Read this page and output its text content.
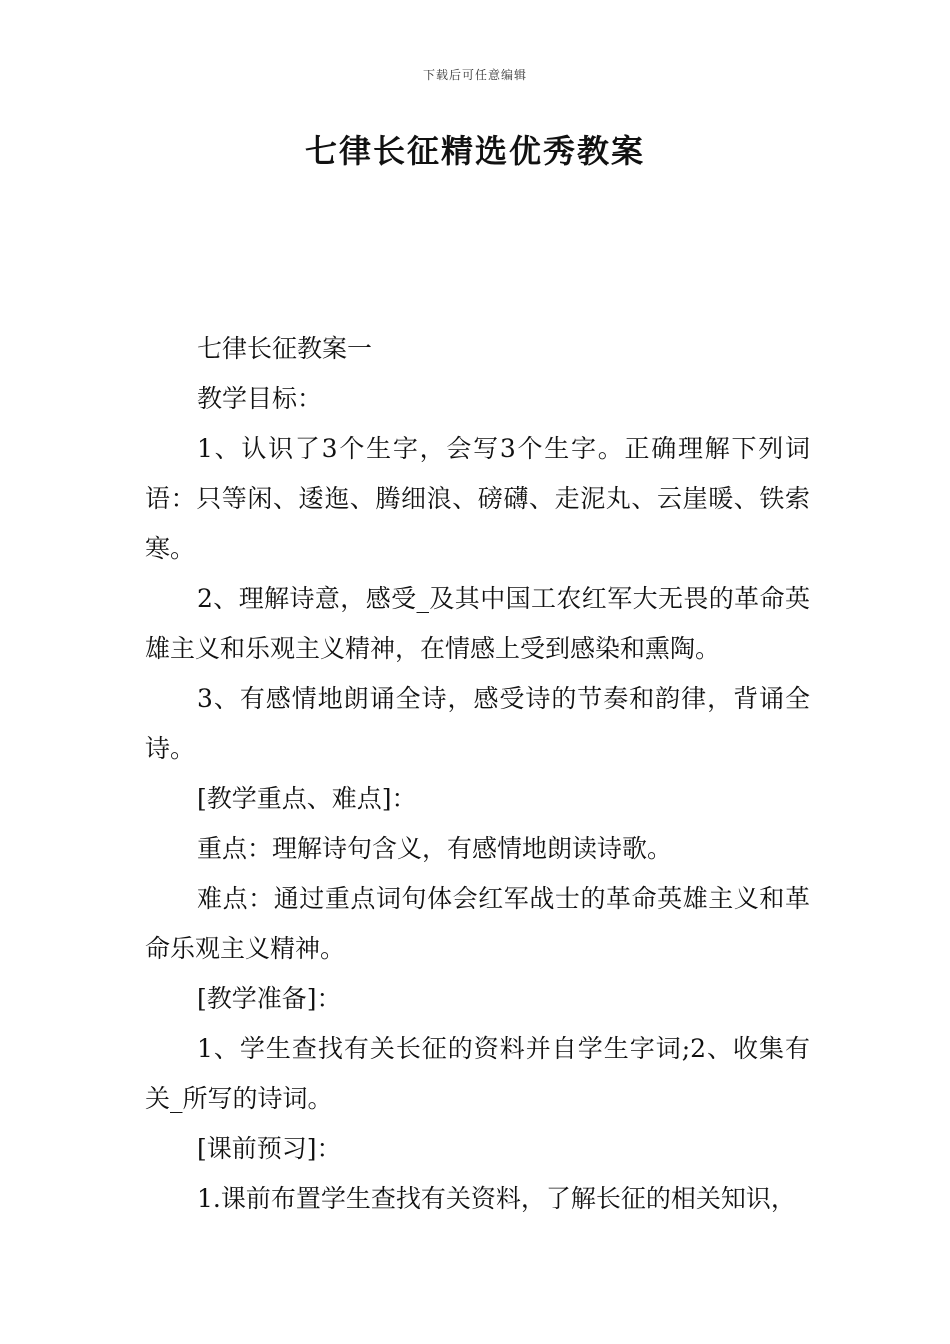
下载后可任意编辑
七律长征精选优秀教案

七律长征教案一

教学目标：

1、认识了3个生字，会写3个生字。正确理解下列词语：只等闲、逶迤、腾细浪、磅礴、走泥丸、云崖暖、铁索寒。

2、理解诗意，感受_及其中国工农红军大无畏的革命英雄主义和乐观主义精神，在情感上受到感染和熏陶。

3、有感情地朗诵全诗，感受诗的节奏和韵律，背诵全诗。

[教学重点、难点]：

重点：理解诗句含义，有感情地朗读诗歌。

难点：通过重点词句体会红军战士的革命英雄主义和革命乐观主义精神。

[教学准备]：

1、学生查找有关长征的资料并自学生字词;2、收集有关_所写的诗词。

[课前预习]：

1.课前布置学生查找有关资料，了解长征的相关知识，
